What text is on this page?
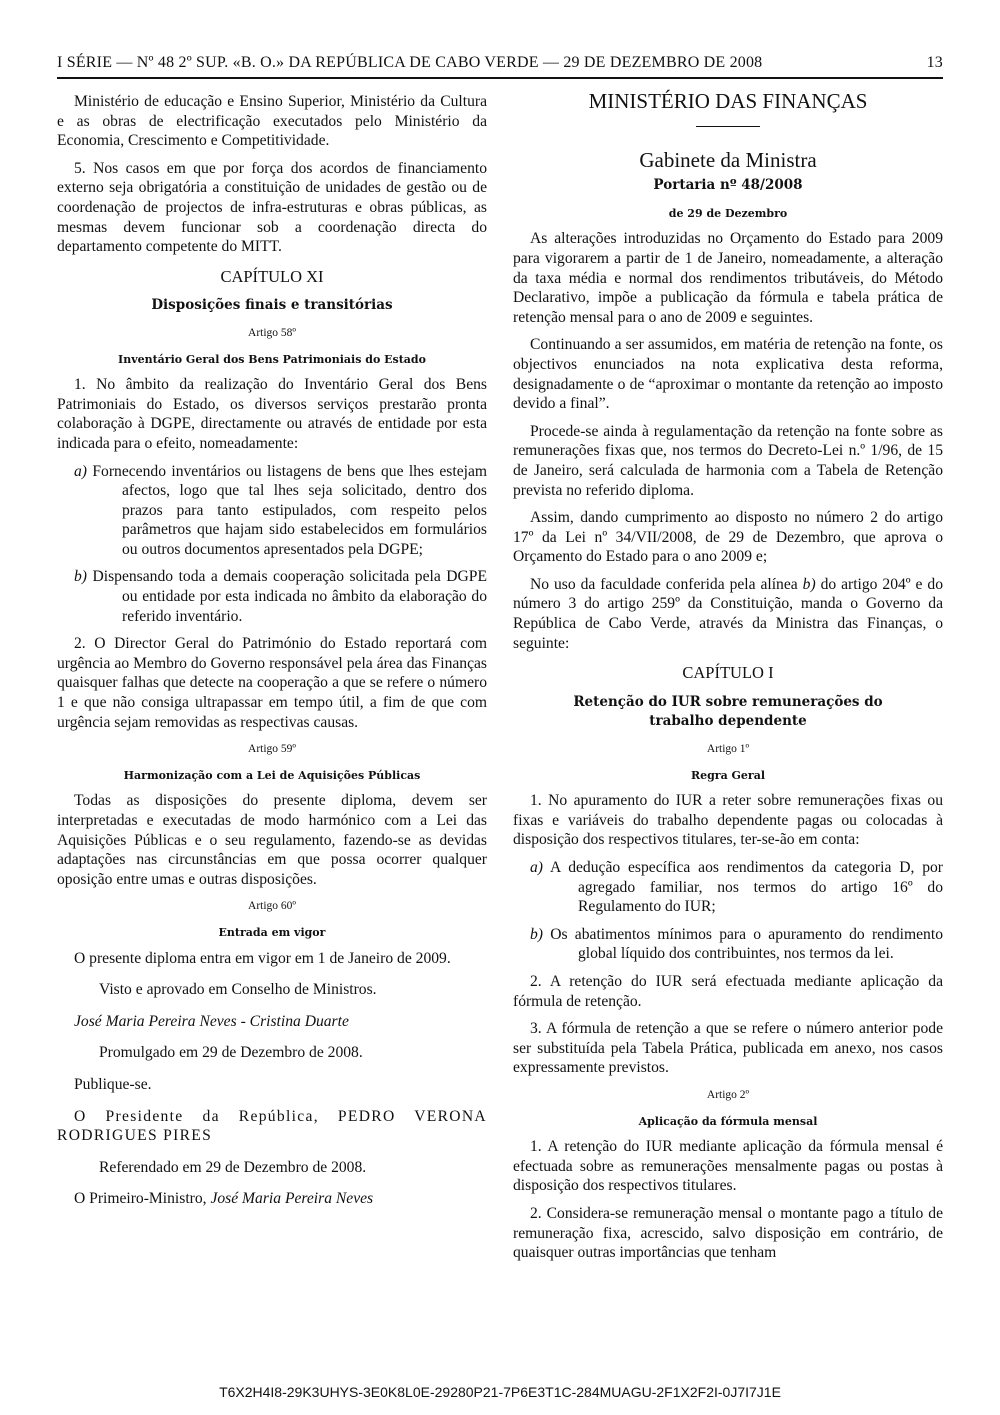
I SÉRIE — Nº 48 2º SUP. «B. O.» DA REPÚBLICA DE CABO VERDE — 29 DE DEZEMBRO DE 2008	13

Ministério de educação e Ensino Superior, Ministério da Cultura e as obras de electrificação executados pelo Ministério da Economia, Crescimento e Competitividade.

5. Nos casos em que por força dos acordos de financiamento externo seja obrigatória a constituição de unidades de gestão ou de coordenação de projectos de infra-estruturas e obras públicas, as mesmas devem funcionar sob a coordenação directa do departamento competente do MITT.

CAPÍTULO XI

Disposições finais e transitórias

Artigo 58º

Inventário Geral dos Bens Patrimoniais do Estado

1. No âmbito da realização do Inventário Geral dos Bens Patrimoniais do Estado, os diversos serviços prestarão pronta colaboração à DGPE, directamente ou através de entidade por esta indicada para o efeito, nomeadamente:

a) Fornecendo inventários ou listagens de bens que lhes estejam afectos, logo que tal lhes seja solicitado, dentro dos prazos para tanto estipulados, com respeito pelos parâmetros que hajam sido estabelecidos em formulários ou outros documentos apresentados pela DGPE;

b) Dispensando toda a demais cooperação solicitada pela DGPE ou entidade por esta indicada no âmbito da elaboração do referido inventário.

2. O Director Geral do Património do Estado reportará com urgência ao Membro do Governo responsável pela área das Finanças quaisquer falhas que detecte na cooperação a que se refere o número 1 e que não consiga ultrapassar em tempo útil, a fim de que com urgência sejam removidas as respectivas causas.

Artigo 59º

Harmonização com a Lei de Aquisições Públicas

Todas as disposições do presente diploma, devem ser interpretadas e executadas de modo harmónico com a Lei das Aquisições Públicas e o seu regulamento, fazendo-se as devidas adaptações nas circunstâncias em que possa ocorrer qualquer oposição entre umas e outras disposições.

Artigo 60º

Entrada em vigor

O presente diploma entra em vigor em 1 de Janeiro de 2009.

Visto e aprovado em Conselho de Ministros.

José Maria Pereira Neves - Cristina Duarte

Promulgado em 29 de Dezembro de 2008.

Publique-se.

O Presidente da República, PEDRO VERONA RODRIGUES PIRES

Referendado em 29 de Dezembro de 2008.

O Primeiro-Ministro, José Maria Pereira Neves

MINISTÉRIO DAS FINANÇAS

Gabinete da Ministra

Portaria nº 48/2008

de 29 de Dezembro

As alterações introduzidas no Orçamento do Estado para 2009 para vigorarem a partir de 1 de Janeiro, nomeadamente, a alteração da taxa média e normal dos rendimentos tributáveis, do Método Declarativo, impõe a publicação da fórmula e tabela prática de retenção mensal para o ano de 2009 e seguintes.

Continuando a ser assumidos, em matéria de retenção na fonte, os objectivos enunciados na nota explicativa desta reforma, designadamente o de “aproximar o montante da retenção ao imposto devido a final”.

Procede-se ainda à regulamentação da retenção na fonte sobre as remunerações fixas que, nos termos do Decreto-Lei n.º 1/96, de 15 de Janeiro, será calculada de harmonia com a Tabela de Retenção prevista no referido diploma.

Assim, dando cumprimento ao disposto no número 2 do artigo 17º da Lei nº 34/VII/2008, de 29 de Dezembro, que aprova o Orçamento do Estado para o ano 2009 e;

No uso da faculdade conferida pela alínea b) do artigo 204º e do número 3 do artigo 259º da Constituição, manda o Governo da República de Cabo Verde, através da Ministra das Finanças, o seguinte:

CAPÍTULO I

Retenção do IUR sobre remunerações do trabalho dependente

Artigo 1º

Regra Geral

1. No apuramento do IUR a reter sobre remunerações fixas ou fixas e variáveis do trabalho dependente pagas ou colocadas à disposição dos respectivos titulares, ter-se-ão em conta:

a) A dedução específica aos rendimentos da categoria D, por agregado familiar, nos termos do artigo 16º do Regulamento do IUR;

b) Os abatimentos mínimos para o apuramento do rendimento global líquido dos contribuintes, nos termos da lei.

2. A retenção do IUR será efectuada mediante aplicação da fórmula de retenção.

3. A fórmula de retenção a que se refere o número anterior pode ser substituída pela Tabela Prática, publicada em anexo, nos casos expressamente previstos.

Artigo 2º

Aplicação da fórmula mensal

1. A retenção do IUR mediante aplicação da fórmula mensal é efectuada sobre as remunerações mensalmente pagas ou postas à disposição dos respectivos titulares.

2. Considera-se remuneração mensal o montante pago a título de remuneração fixa, acrescido, salvo disposição em contrário, de quaisquer outras importâncias que tenham

T6X2H4I8-29K3UHYS-3E0K8L0E-29280P21-7P6E3T1C-284MUAGU-2F1X2F2I-0J7I7J1E
